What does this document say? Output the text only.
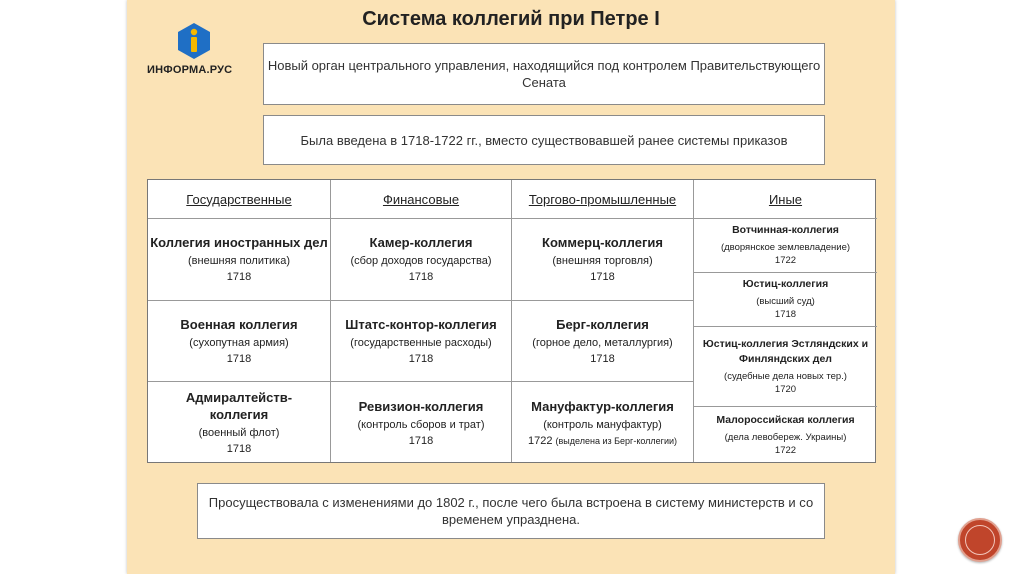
Система коллегий при Петре I
ИНФОРМА.РУС	Новый орган центрального управления, находящийся под контролем Правительствующего Сената
Была введена в 1718-1722 гг., вместо существовавшей ранее системы приказов
Государственные
Коллегия иностранных дел
(внешняя политика)
1718
Военная коллегия
(сухопутная армия)
1718
Адмиралтейств-коллегия
(военный флот)
1718
Финансовые
Камер-коллегия
(сбор доходов государства)
1718
Штатс-контор-коллегия
(государственные расходы)
1718
Ревизион-коллегия
(контроль сборов и трат)
1718
Торгово-промышленные
Коммерц-коллегия
(внешняя торговля)
1718
Берг-коллегия
(горное дело, металлургия)
1718
Мануфактур-коллегия
(контроль мануфактур)
1722 (выделена из Берг-коллегии)
Иные
Вотчинная-коллегия
(дворянское землевладение)
1722
Юстиц-коллегия
(высший суд)
1718
Юстиц-коллегия Эстляндских и Финляндских дел
(судебные дела новых тер.)
1720
Малороссийская коллегия
(дела левобереж. Украины)
1722
Просуществовала с изменениями до 1802 г., после чего была встроена в систему министерств и со временем упразднена.
